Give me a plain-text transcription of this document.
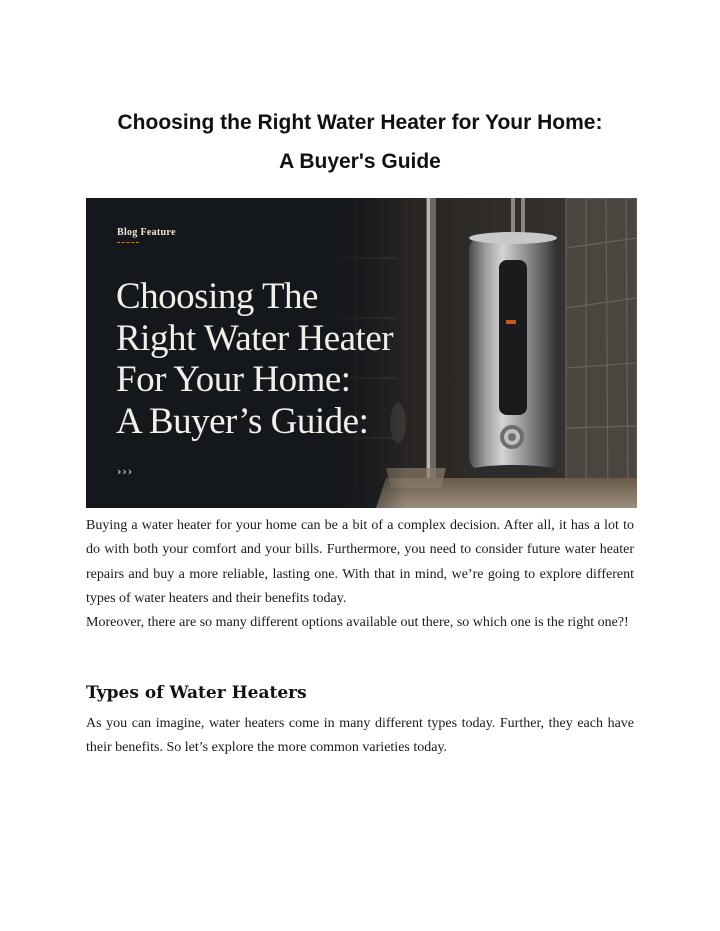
Choosing the Right Water Heater for Your Home:
A Buyer's Guide
Blog Feature
Choosing The
Right Water Heater
For Your Home:
A Buyer’s Guide:
›››

Buying a water heater for your home can be a bit of a complex decision. After all, it has a lot to do with both your comfort and your bills. Furthermore, you need to consider future water heater repairs and buy a more reliable, lasting one. With that in mind, we’re going to explore different types of water heaters and their benefits today.

Moreover, there are so many different options available out there, so which one is the right one?!

Types of Water Heaters

As you can imagine, water heaters come in many different types today. Further, they each have their benefits. So let’s explore the more common varieties today.
